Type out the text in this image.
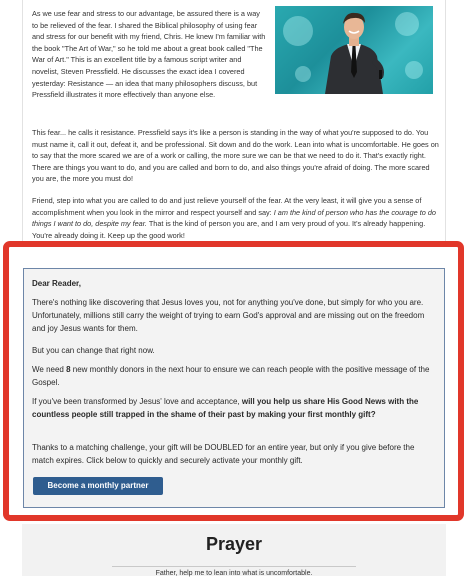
As we use fear and stress to our advantage, be assured there is a way to be relieved of the fear. I shared the Biblical philosophy of using fear and stress for our benefit with my friend, Chris. He knew I'm familiar with the book "The Art of War," so he told me about a great book called "The War of Art." This is an excellent title by a famous script writer and novelist, Steven Pressfield. He discusses the exact idea I covered yesterday: Resistance — an idea that many philosophers discuss, but Pressfield illustrates it more effectively than anyone else.
This fear... he calls it resistance. Pressfield says it's like a person is standing in the way of what you're supposed to do. You must name it, call it out, defeat it, and be professional. Sit down and do the work. Lean into what is uncomfortable. He goes on to say that the more scared we are of a work or calling, the more sure we can be that we need to do it. That's exactly right. There are things you want to do, and you are called and born to do, and also things you're afraid of doing. The more scared you are, the more you must do!
Friend, step into what you are called to do and just relieve yourself of the fear. At the very least, it will give you a sense of accomplishment when you look in the mirror and respect yourself and say: I am the kind of person who has the courage to do things I want to do, despite my fear. That is the kind of person you are, and I am very proud of you. It's already happening. You're already doing it. Keep up the good work!

Dear Reader,

There's nothing like discovering that Jesus loves you, not for anything you've done, but simply for who you are. Unfortunately, millions still carry the weight of trying to earn God's approval and are missing out on the freedom and joy Jesus wants for them.

But you can change that right now.

We need 8 new monthly donors in the next hour to ensure we can reach people with the positive message of the Gospel.

If you've been transformed by Jesus' love and acceptance, will you help us share His Good News with the countless people still trapped in the shame of their past by making your first monthly gift?

Thanks to a matching challenge, your gift will be DOUBLED for an entire year, but only if you give before the match expires. Click below to quickly and securely activate your monthly gift.

Become a monthly partner
Prayer
Father, help me to lean into what is uncomfortable.
